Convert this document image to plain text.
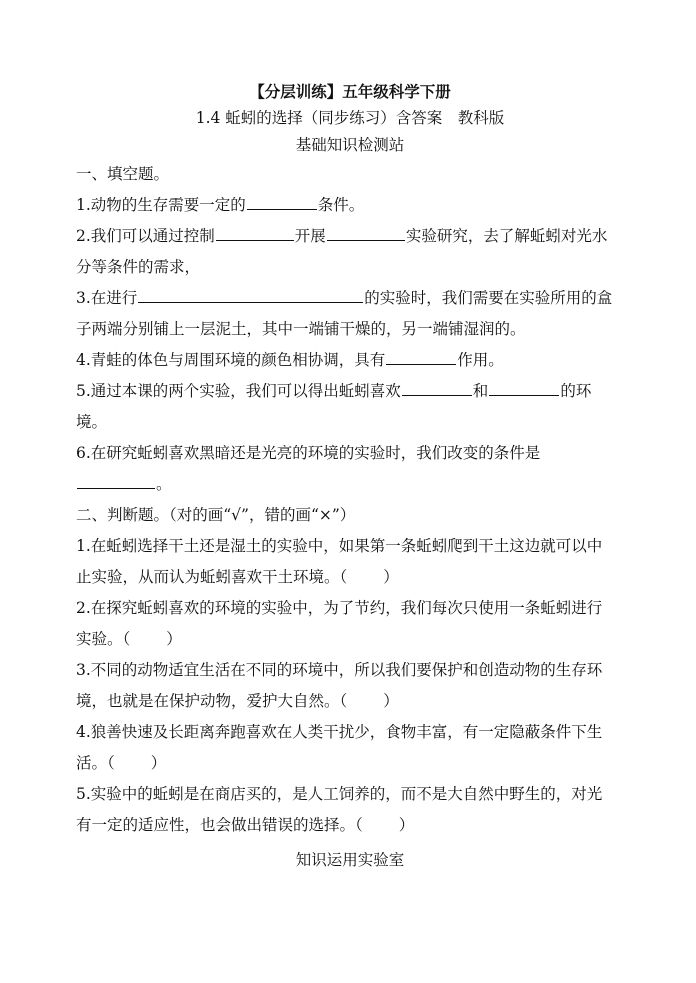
【分层训练】五年级科学下册
1.4 蚯蚓的选择（同步练习）含答案　教科版
基础知识检测站
一、填空题。
1.动物的生存需要一定的	条件。
2.我们可以通过控制	开展	实验研究，去了解蚯蚓对光水
分等条件的需求，
3.在进行	的实验时，我们需要在实验所用的盒
子两端分别铺上一层泥土，其中一端铺干燥的，另一端铺湿润的。
4.青蛙的体色与周围环境的颜色相协调，具有	作用。
5.通过本课的两个实验，我们可以得出蚯蚓喜欢	和	的环
境。
6.在研究蚯蚓喜欢黑暗还是光亮的环境的实验时，我们改变的条件是
。
二、判断题。（对的画“√”，错的画“×”）
1.在蚯蚓选择干土还是湿土的实验中，如果第一条蚯蚓爬到干土这边就可以中
止实验，从而认为蚯蚓喜欢干土环境。（ ）
2.在探究蚯蚓喜欢的环境的实验中，为了节约，我们每次只使用一条蚯蚓进行
实验。（ ）
3.不同的动物适宜生活在不同的环境中，所以我们要保护和创造动物的生存环
境，也就是在保护动物，爱护大自然。（ ）
4.狼善快速及长距离奔跑喜欢在人类干扰少，食物丰富，有一定隐蔽条件下生
活。（ ）
5.实验中的蚯蚓是在商店买的，是人工饲养的，而不是大自然中野生的，对光
有一定的适应性，也会做出错误的选择。（ ）
知识运用实验室
